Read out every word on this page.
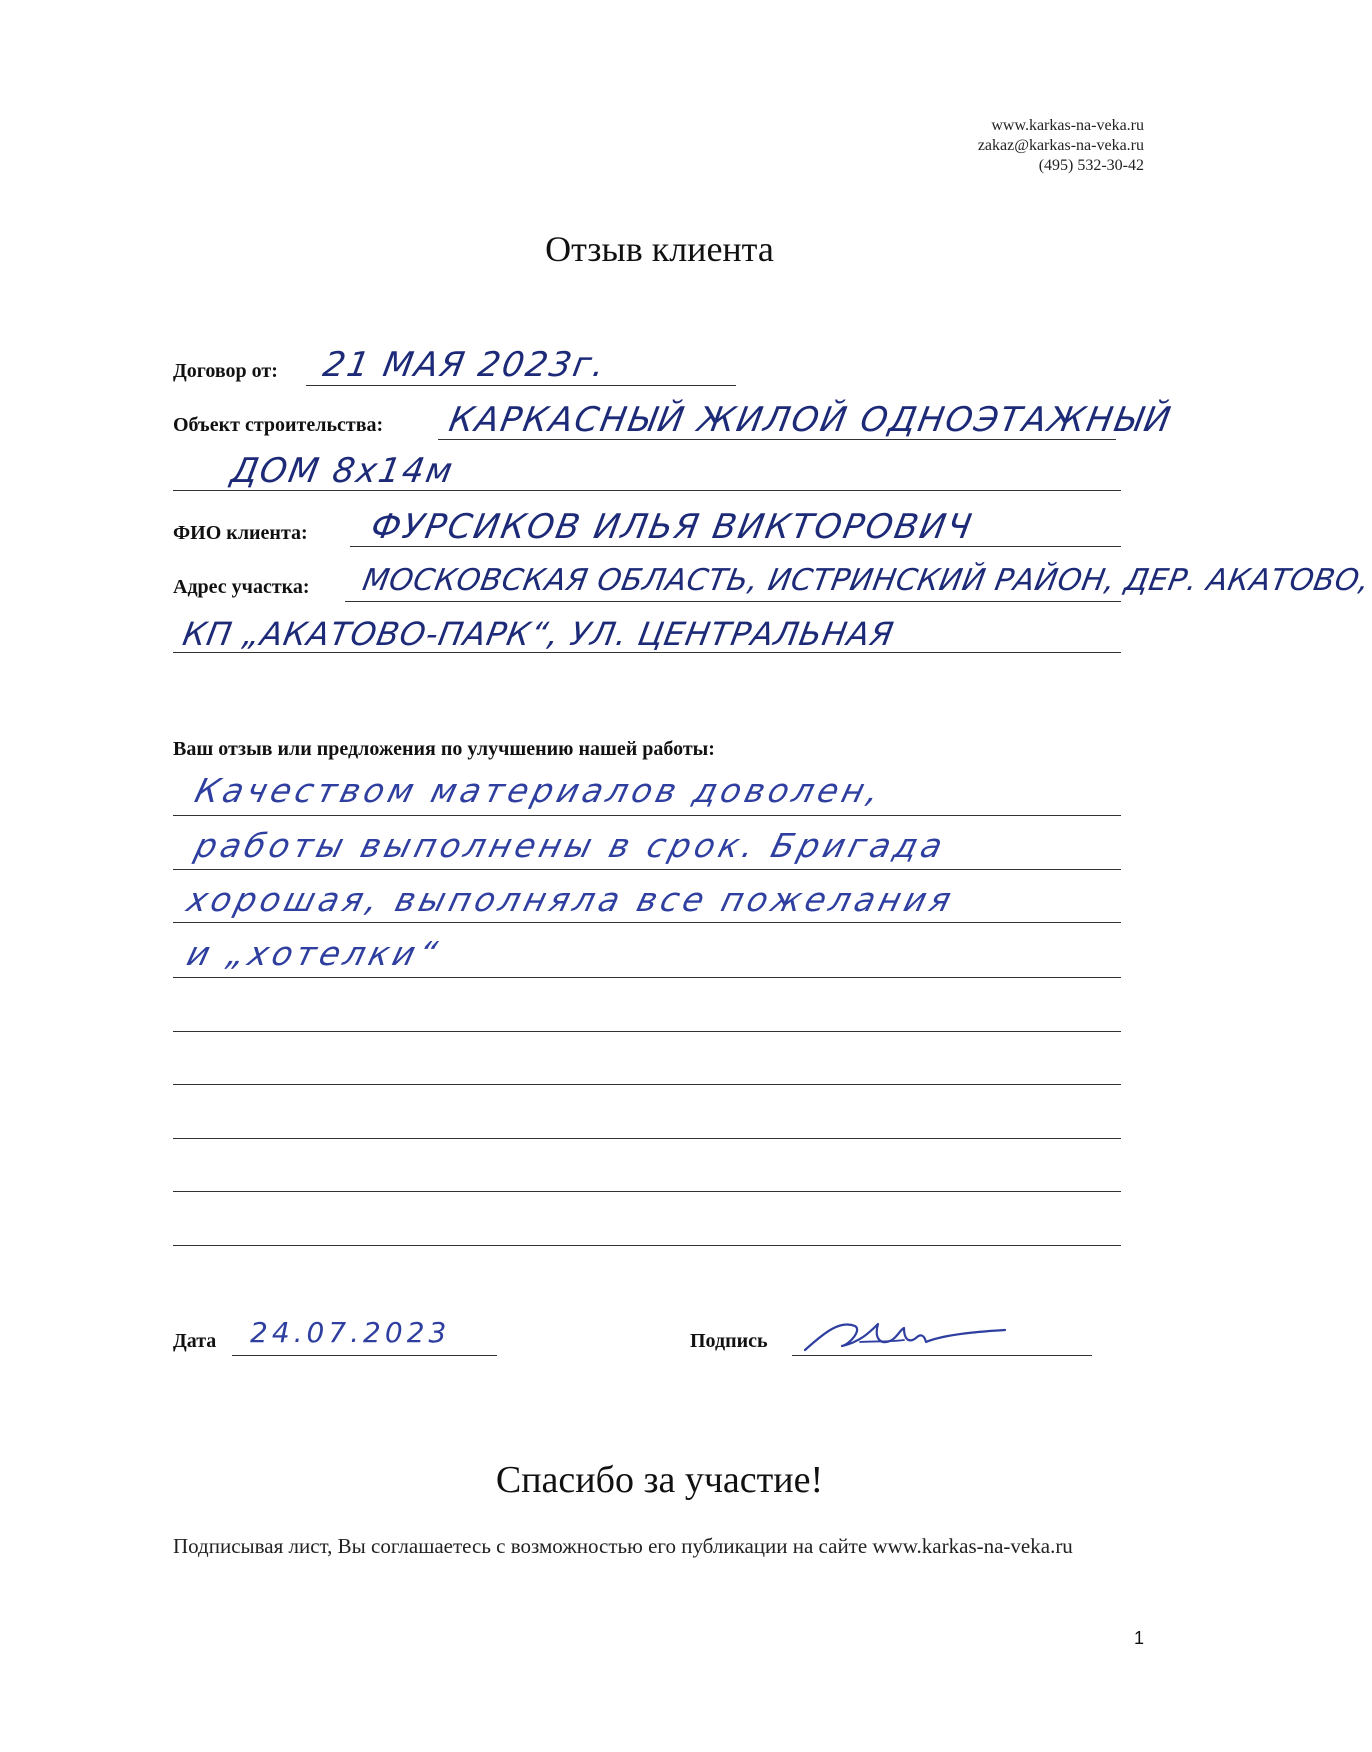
www.karkas-na-veka.ru
zakaz@karkas-na-veka.ru
(495) 532-30-42
Отзыв клиента
Договор от: 21 МАЯ 2023г.
Объект строительства: КАРКАСНЫЙ ЖИЛОЙ ОДНОЭТАЖНЫЙ
ДОМ 8х14м
ФИО клиента: ФУРСИКОВ ИЛЬЯ ВИКТОРОВИЧ
Адрес участка: МОСКОВСКАЯ ОБЛАСТЬ, ИСТРИНСКИЙ РАЙОН, ДЕР. АКАТОВО,
КП „АКАТОВО-ПАРК“, УЛ. ЦЕНТРАЛЬНАЯ
Ваш отзыв или предложения по улучшению нашей работы:
Качеством материалов доволен,
работы выполнены в срок. Бригада
хорошая, выполняла все пожелания
и „хотелки“
Дата 24.07.2023	Подпись
Спасибо за участие!
Подписывая лист, Вы соглашаетесь с возможностью его публикации на сайте www.karkas-na-veka.ru
1
